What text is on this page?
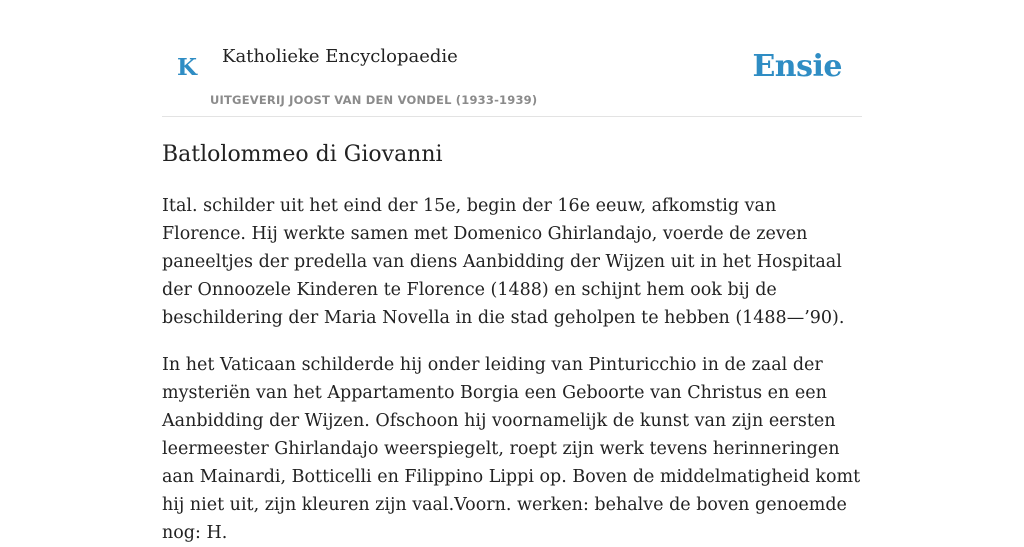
K Katholieke Encyclopaedie
UITGEVERIJ JOOST VAN DEN VONDEL (1933-1939)
Ensie
Batlolommeo di Giovanni

Ital. schilder uit het eind der 15e, begin der 16e eeuw, afkomstig van Florence. Hij werkte samen met Domenico Ghirlandajo, voerde de zeven paneeltjes der predella van diens Aanbidding der Wijzen uit in het Hospitaal der Onnoozele Kinderen te Florence (1488) en schijnt hem ook bij de beschildering der Maria Novella in die stad geholpen te hebben (1488—’90).

In het Vaticaan schilderde hij onder leiding van Pinturicchio in de zaal der mysteriën van het Appartamento Borgia een Geboorte van Christus en een Aanbidding der Wijzen. Ofschoon hij voornamelijk de kunst van zijn eersten leermeester Ghirlandajo weerspiegelt, roept zijn werk tevens herinneringen aan Mainardi, Botticelli en Filippino Lippi op. Boven de middelmatigheid komt hij niet uit, zijn kleuren zijn vaal.Voorn. werken: behalve de boven genoemde nog: H.
